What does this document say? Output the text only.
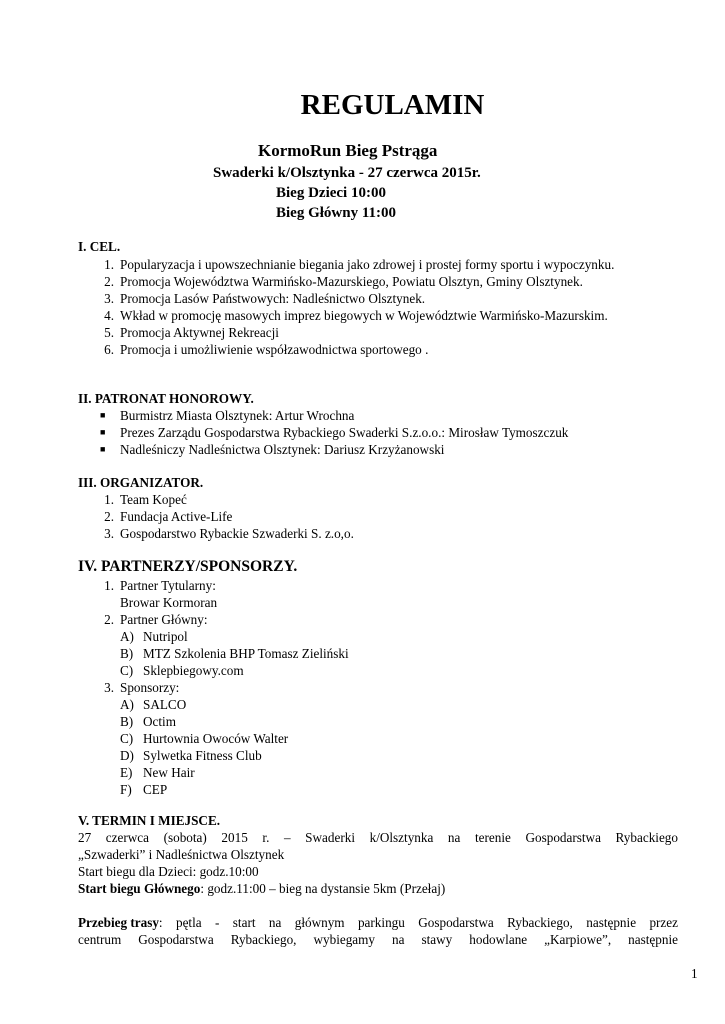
REGULAMIN
KormoRun Bieg Pstrąga
Swaderki k/Olsztynka - 27 czerwca 2015r.
Bieg Dzieci 10:00
Bieg Główny 11:00
I. CEL.
1. Popularyzacja i upowszechnianie biegania jako zdrowej i prostej formy sportu i wypoczynku.
2. Promocja Województwa Warmińsko-Mazurskiego, Powiatu Olsztyn, Gminy Olsztynek.
3. Promocja Lasów Państwowych: Nadleśnictwo Olsztynek.
4. Wkład w promocję masowych imprez biegowych w Województwie Warmińsko-Mazurskim.
5. Promocja Aktywnej Rekreacji
6. Promocja i umożliwienie współzawodnictwa sportowego .
II. PATRONAT HONOROWY.
■ Burmistrz Miasta Olsztynek: Artur Wrochna
■ Prezes Zarządu Gospodarstwa Rybackiego Swaderki S.z.o.o.: Mirosław Tymoszczuk
■ Nadleśniczy Nadleśnictwa Olsztynek: Dariusz Krzyżanowski
III. ORGANIZATOR.
1. Team Kopeć
2. Fundacja Active-Life
3. Gospodarstwo Rybackie Szwaderki S. z.o,o.
IV. PARTNERZY/SPONSORZY.
1. Partner Tytularny:
Browar Kormoran
2. Partner Główny:
A) Nutripol
B) MTZ Szkolenia BHP Tomasz Zieliński
C) Sklepbiegowy.com
3. Sponsorzy:
A) SALCO
B) Octim
C) Hurtownia Owoców Walter
D) Sylwetka Fitness Club
E) New Hair
F) CEP
V. TERMIN I MIEJSCE.
27 czerwca (sobota) 2015 r. – Swaderki k/Olsztynka na terenie Gospodarstwa Rybackiego
„Szwaderki” i Nadleśnictwa Olsztynek
Start biegu dla Dzieci: godz.10:00
Start biegu Głównego: godz.11:00 – bieg na dystansie 5km (Przełaj)
Przebieg trasy : pętla - start na głównym parkingu Gospodarstwa Rybackiego, następnie przez
centrum Gospodarstwa Rybackiego, wybiegamy na stawy hodowlane „Karpiowe”, następnie
1
